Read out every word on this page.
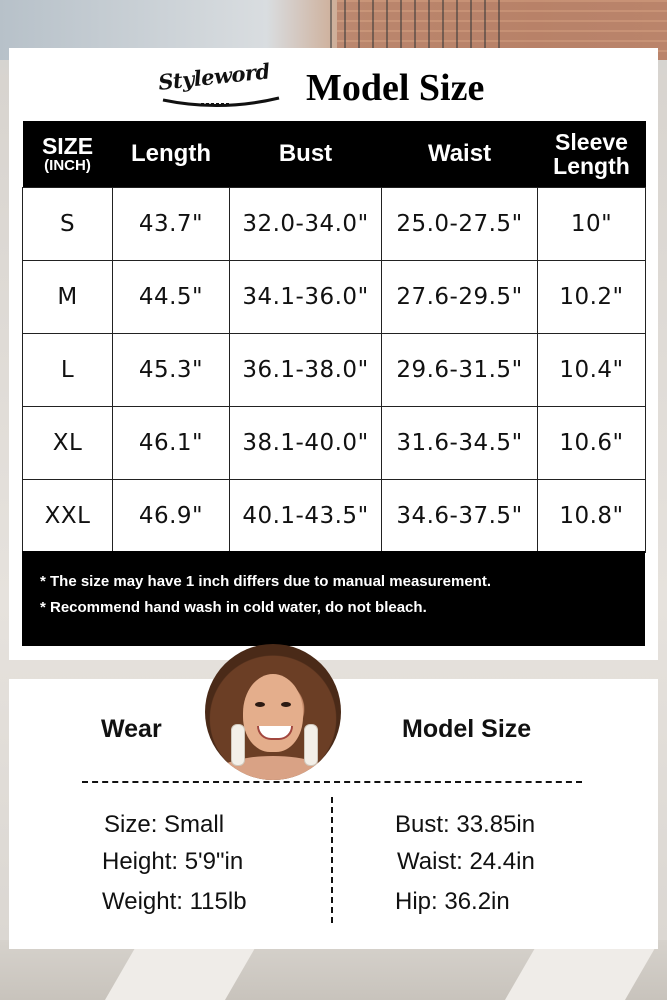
Styleword Model Size
SIZE
(INCH)	Length	Bust	Waist	Sleeve
Length

S	43.7"	32.0-34.0"	25.0-27.5"	10"
M	44.5"	34.1-36.0"	27.6-29.5"	10.2"
L	45.3"	36.1-38.0"	29.6-31.5"	10.4"
XL	46.1"	38.1-40.0"	31.6-34.5"	10.6"
XXL	46.9"	40.1-43.5"	34.6-37.5"	10.8"
* The size may have 1 inch differs due to manual measurement.
* Recommend hand wash in cold water, do not bleach.
Wear	Model Size
Size: Small
Height: 5'9"in
Weight: 115lb
Bust: 33.85in
Waist: 24.4in
Hip: 36.2in
